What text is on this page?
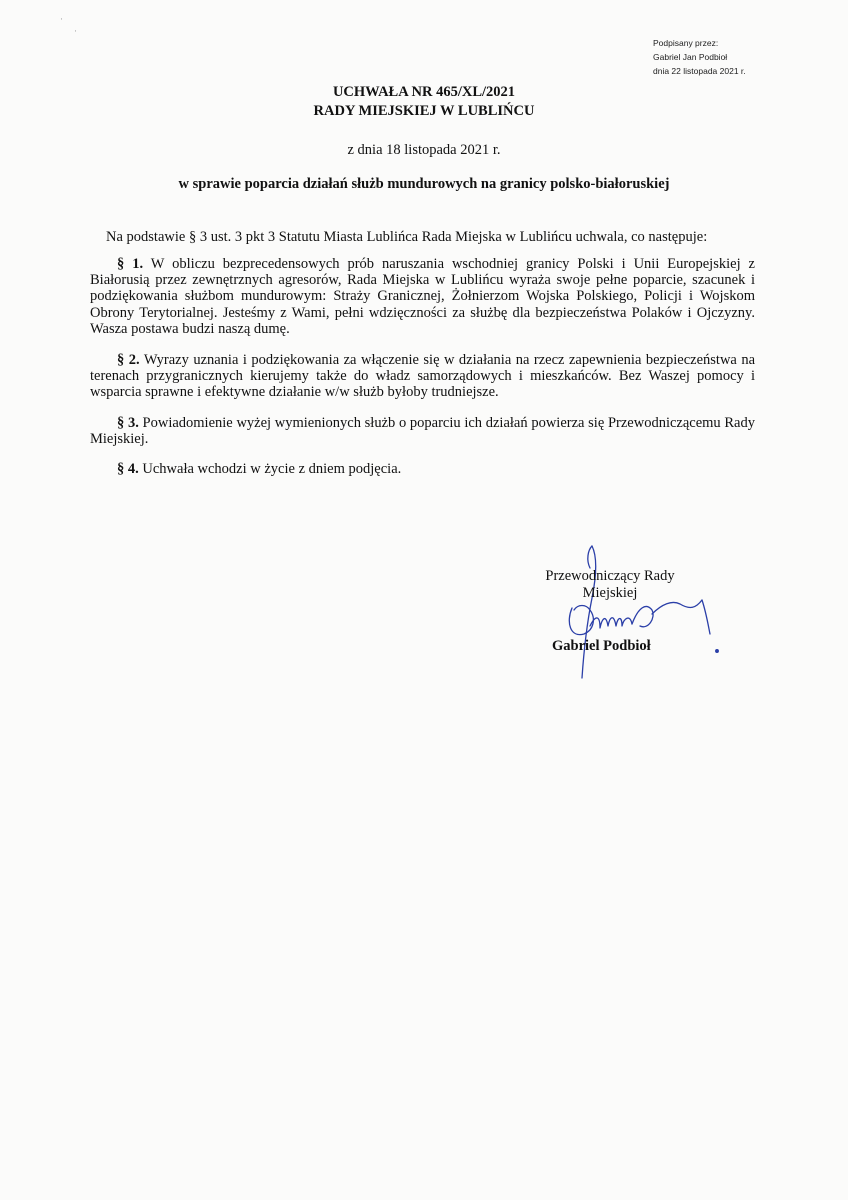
·
·
Podpisany przez:
Gabriel Jan Podbioł
dnia 22 listopada 2021 r.
UCHWAŁA NR 465/XL/2021
RADY MIEJSKIEJ W LUBLIŃCU
z dnia 18 listopada 2021 r.
w sprawie poparcia działań służb mundurowych na granicy polsko-białoruskiej
Na podstawie § 3 ust. 3 pkt 3 Statutu Miasta Lublińca Rada Miejska w Lublińcu uchwala, co następuje:
§ 1. W obliczu bezprecedensowych prób naruszania wschodniej granicy Polski i Unii Europejskiej z Białorusią przez zewnętrznych agresorów, Rada Miejska w Lublińcu wyraża swoje pełne poparcie, szacunek i podziękowania służbom mundurowym: Straży Granicznej, Żołnierzom Wojska Polskiego, Policji i Wojskom Obrony Terytorialnej. Jesteśmy z Wami, pełni wdzięczności za służbę dla bezpieczeństwa Polaków i Ojczyzny. Wasza postawa budzi naszą dumę.
§ 2. Wyrazy uznania i podziękowania za włączenie się w działania na rzecz zapewnienia bezpieczeństwa na terenach przygranicznych kierujemy także do władz samorządowych i mieszkańców. Bez Waszej pomocy i wsparcia sprawne i efektywne działanie w/w służb byłoby trudniejsze.
§ 3. Powiadomienie wyżej wymienionych służb o poparciu ich działań powierza się Przewodniczącemu Rady Miejskiej.
§ 4. Uchwała wchodzi w życie z dniem podjęcia.
Przewodniczący Rady Miejskiej
Gabriel Podbioł
